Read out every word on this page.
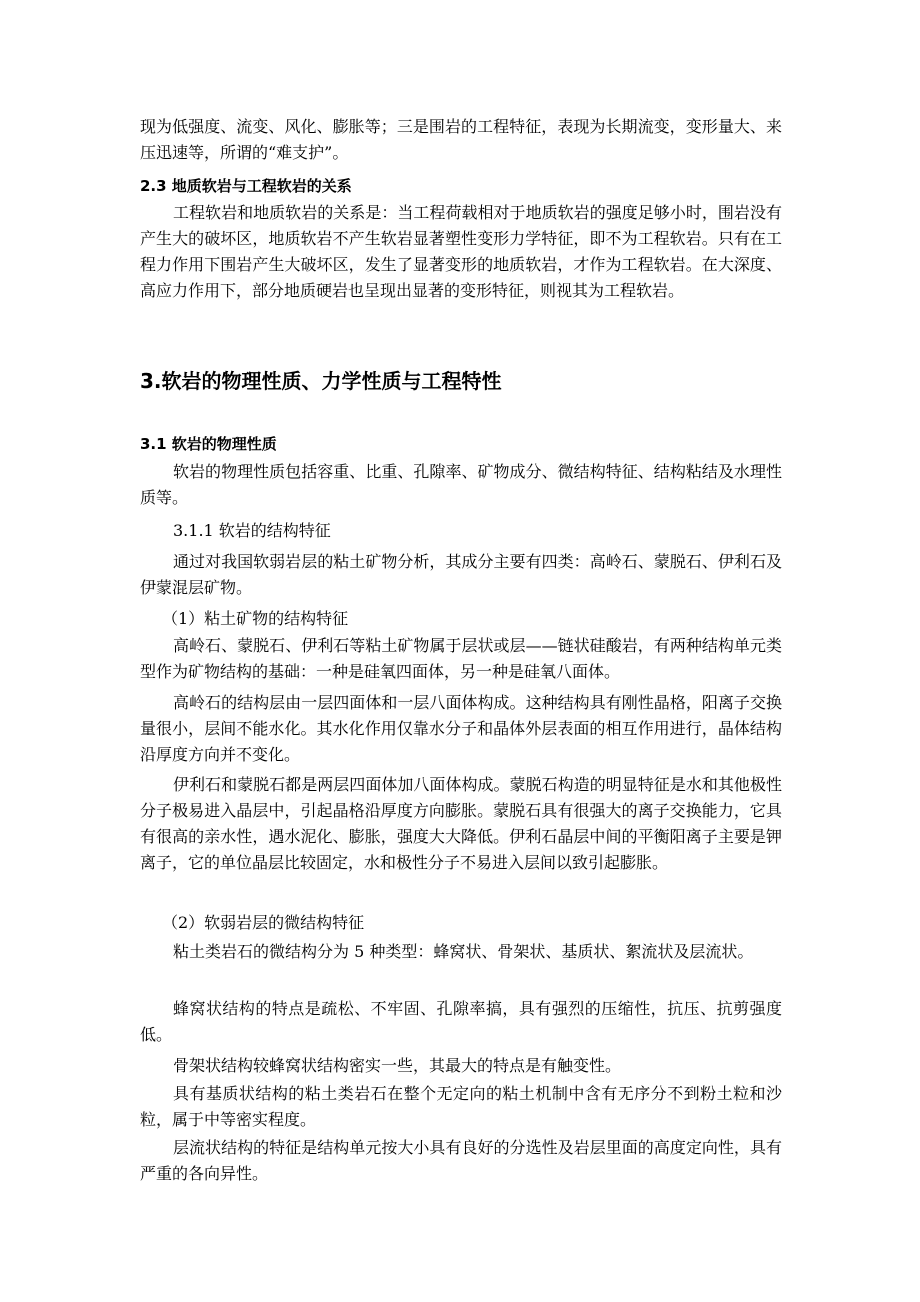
现为低强度、流变、风化、膨胀等；三是围岩的工程特征，表现为长期流变，变形量大、来压迅速等，所谓的“难支护”。

2.3 地质软岩与工程软岩的关系

工程软岩和地质软岩的关系是：当工程荷载相对于地质软岩的强度足够小时，围岩没有产生大的破坏区，地质软岩不产生软岩显著塑性变形力学特征，即不为工程软岩。只有在工程力作用下围岩产生大破坏区，发生了显著变形的地质软岩，才作为工程软岩。在大深度、高应力作用下，部分地质硬岩也呈现出显著的变形特征，则视其为工程软岩。

3.软岩的物理性质、力学性质与工程特性
3.1 软岩的物理性质

软岩的物理性质包括容重、比重、孔隙率、矿物成分、微结构特征、结构粘结及水理性质等。

3.1.1 软岩的结构特征

通过对我国软弱岩层的粘土矿物分析，其成分主要有四类：高岭石、蒙脱石、伊利石及伊蒙混层矿物。

（1）粘土矿物的结构特征

高岭石、蒙脱石、伊利石等粘土矿物属于层状或层——链状硅酸岩，有两种结构单元类型作为矿物结构的基础：一种是硅氧四面体，另一种是硅氧八面体。

高岭石的结构层由一层四面体和一层八面体构成。这种结构具有刚性晶格，阳离子交换量很小，层间不能水化。其水化作用仅靠水分子和晶体外层表面的相互作用进行，晶体结构沿厚度方向并不变化。

伊利石和蒙脱石都是两层四面体加八面体构成。蒙脱石构造的明显特征是水和其他极性分子极易进入晶层中，引起晶格沿厚度方向膨胀。蒙脱石具有很强大的离子交换能力，它具有很高的亲水性，遇水泥化、膨胀，强度大大降低。伊利石晶层中间的平衡阳离子主要是钾离子，它的单位晶层比较固定，水和极性分子不易进入层间以致引起膨胀。

（2）软弱岩层的微结构特征

粘土类岩石的微结构分为 5 种类型：蜂窝状、骨架状、基质状、絮流状及层流状。

蜂窝状结构的特点是疏松、不牢固、孔隙率搞，具有强烈的压缩性，抗压、抗剪强度低。

骨架状结构较蜂窝状结构密实一些，其最大的特点是有触变性。

具有基质状结构的粘土类岩石在整个无定向的粘土机制中含有无序分不到粉土粒和沙粒，属于中等密实程度。

层流状结构的特征是结构单元按大小具有良好的分选性及岩层里面的高度定向性，具有严重的各向异性。
